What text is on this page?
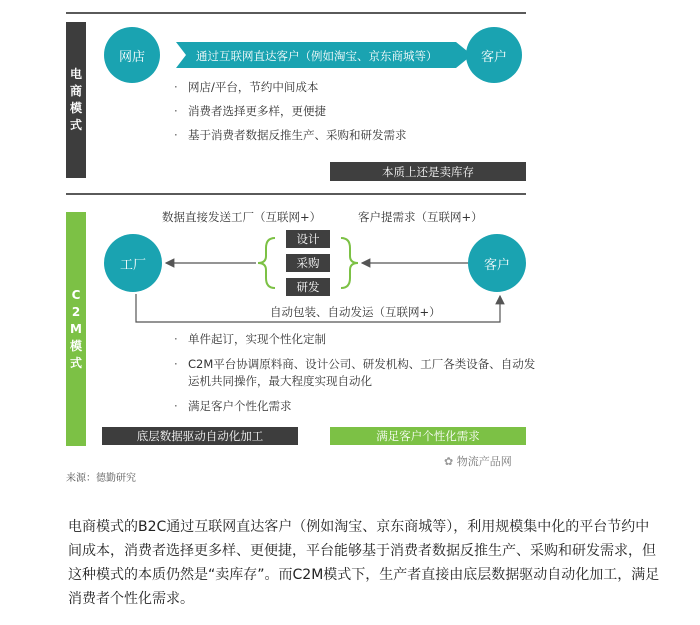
电
商
模
式
通过互联网直达客户（例如淘宝、京东商城等）
网店	客户
· 网店/平台，节约中间成本
· 消费者选择更多样，更便捷
· 基于消费者数据反推生产、采购和研发需求
本质上还是卖库存
C
2
M
模
式
数据直接发送工厂（互联网+）	客户提需求（互联网+）
工厂	客户
设计
采购
研发
自动包装、自动发运（互联网+）
· 单件起订，实现个性化定制
· C2M平台协调原料商、设计公司、研发机构、工厂各类设备、自动发
运机共同操作，最大程度实现自动化
· 满足客户个性化需求
底层数据驱动自动化加工	满足客户个性化需求
来源：德勤研究
✿ 物流产品网
电商模式的B2C通过互联网直达客户（例如淘宝、京东商城等），利用规模集中化的平台节约中间成本，消费者选择更多样、更便捷，平台能够基于消费者数据反推生产、采购和研发需求，但这种模式的本质仍然是“卖库存”。而C2M模式下，生产者直接由底层数据驱动自动化加工，满足消费者个性化需求。
